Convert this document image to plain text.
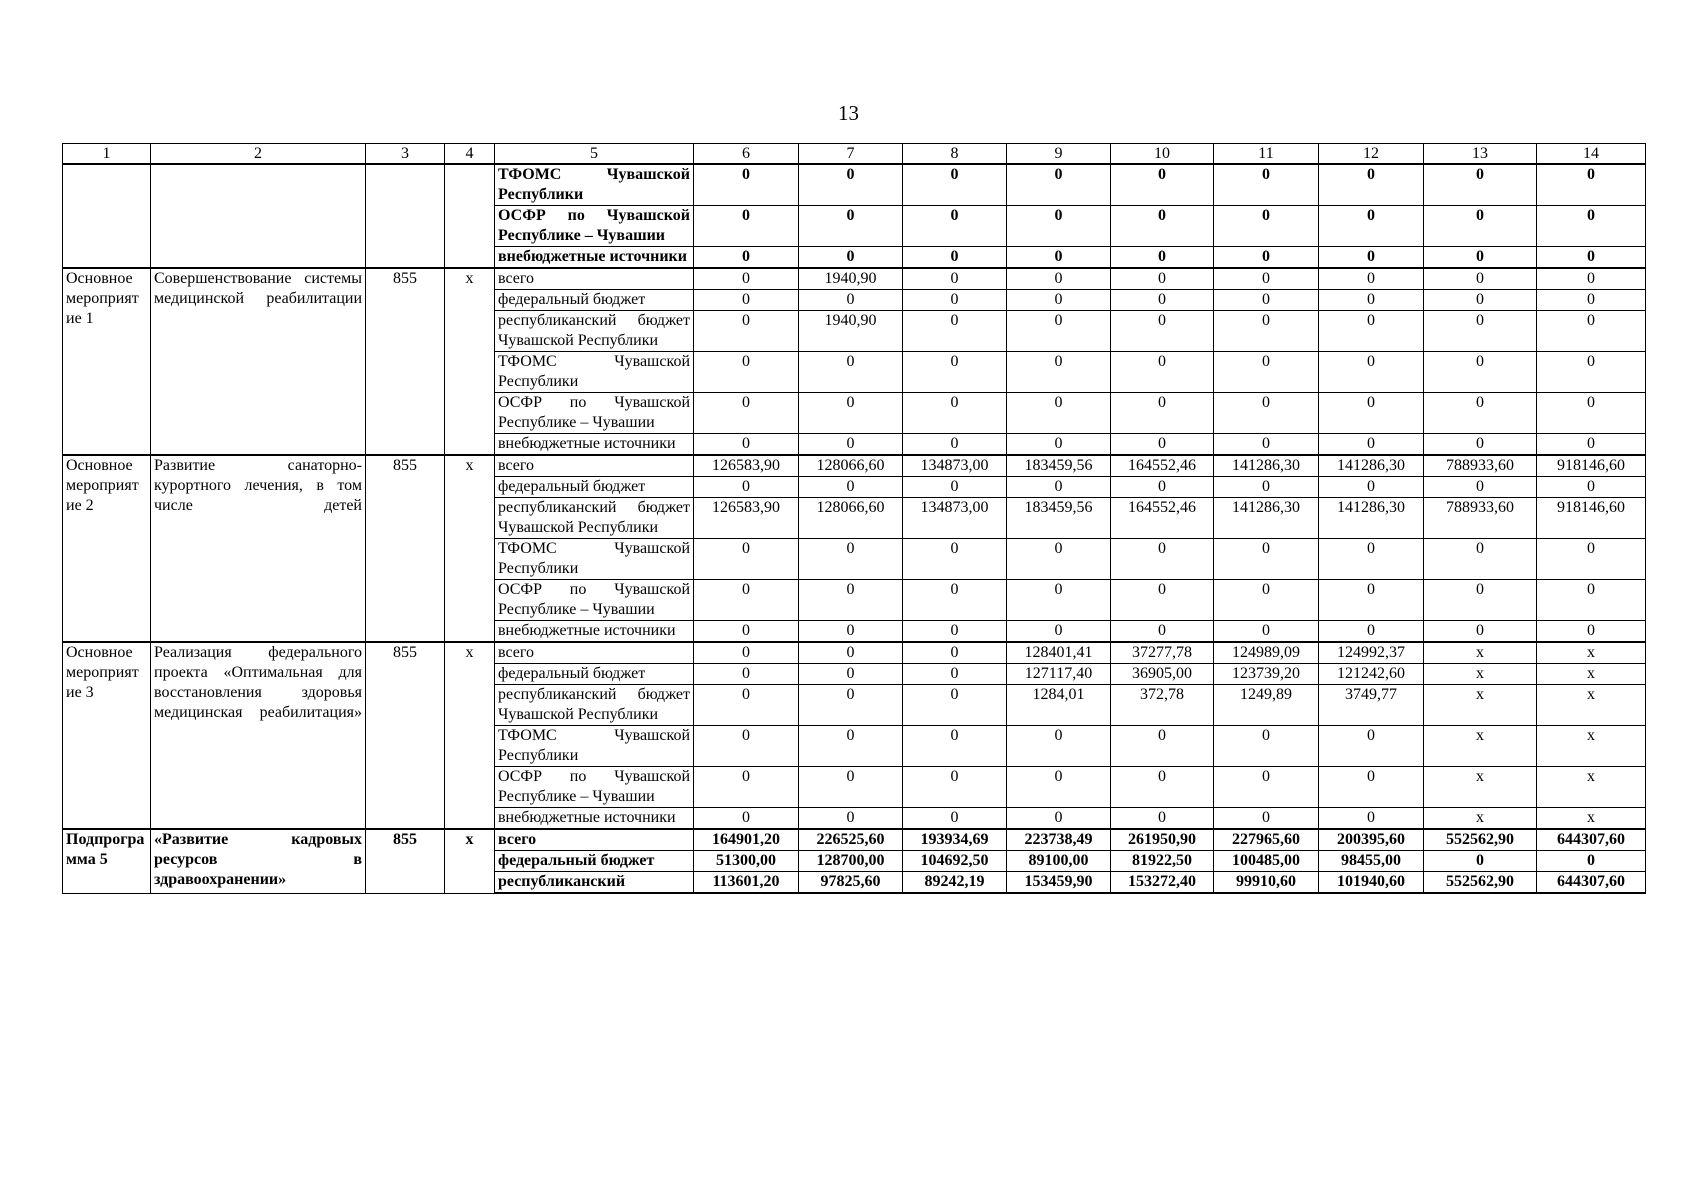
13
1	2	3	4	5	6	7	8	9	10	11	12	13	14
				ТФОМС Чувашской Республики	0	0	0	0	0	0	0	0	0
				ОСФР по Чувашской Республике – Чувашии	0	0	0	0	0	0	0	0	0
				внебюджетные источники	0	0	0	0	0	0	0	0	0
Основное мероприятие 1	Совершенствование системы медицинской реабилитации	855	x	всего	0	1940,90	0	0	0	0	0	0	0
				федеральный бюджет	0	0	0	0	0	0	0	0	0
				республиканский бюджет Чувашской Республики	0	1940,90	0	0	0	0	0	0	0
				ТФОМС Чувашской Республики	0	0	0	0	0	0	0	0	0
				ОСФР по Чувашской Республике – Чувашии	0	0	0	0	0	0	0	0	0
				внебюджетные источники	0	0	0	0	0	0	0	0	0
Основное мероприятие 2	Развитие санаторно-курортного лечения, в том числе детей	855	x	всего	126583,90	128066,60	134873,00	183459,56	164552,46	141286,30	141286,30	788933,60	918146,60
				федеральный бюджет	0	0	0	0	0	0	0	0	0
				республиканский бюджет Чувашской Республики	126583,90	128066,60	134873,00	183459,56	164552,46	141286,30	141286,30	788933,60	918146,60
				ТФОМС Чувашской Республики	0	0	0	0	0	0	0	0	0
				ОСФР по Чувашской Республике – Чувашии	0	0	0	0	0	0	0	0	0
				внебюджетные источники	0	0	0	0	0	0	0	0	0
Основное мероприятие 3	Реализация федерального проекта «Оптимальная для восстановления здоровья медицинская реабилитация»	855	x	всего	0	0	0	128401,41	37277,78	124989,09	124992,37	x	x
				федеральный бюджет	0	0	0	127117,40	36905,00	123739,20	121242,60	x	x
				республиканский бюджет Чувашской Республики	0	0	0	1284,01	372,78	1249,89	3749,77	x	x
				ТФОМС Чувашской Республики	0	0	0	0	0	0	0	x	x
				ОСФР по Чувашской Республике – Чувашии	0	0	0	0	0	0	0	x	x
				внебюджетные источники	0	0	0	0	0	0	0	x	x
Подпрограмма 5	«Развитие кадровых ресурсов в здравоохранении»	855	x	всего	164901,20	226525,60	193934,69	223738,49	261950,90	227965,60	200395,60	552562,90	644307,60
				федеральный бюджет	51300,00	128700,00	104692,50	89100,00	81922,50	100485,00	98455,00	0	0
				республиканский	113601,20	97825,60	89242,19	153459,90	153272,40	99910,60	101940,60	552562,90	644307,60
